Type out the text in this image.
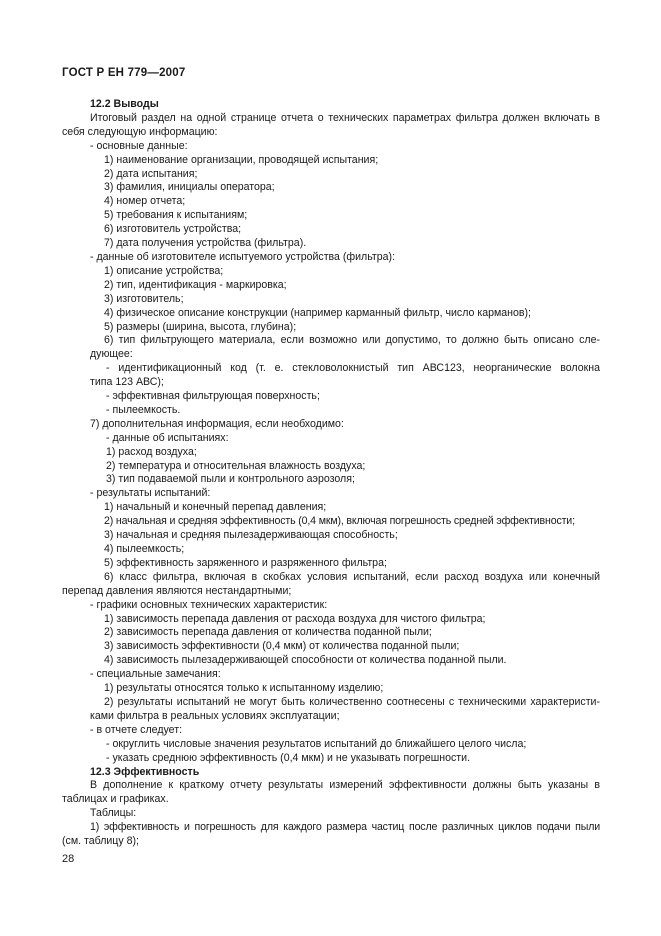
ГОСТ Р ЕН 779—2007
12.2 Выводы
Итоговый раздел на одной странице отчета о технических параметрах фильтра должен включать в
себя следующую информацию:
- основные данные:
1) наименование организации, проводящей испытания;
2) дата испытания;
3) фамилия, инициалы оператора;
4) номер отчета;
5) требования к испытаниям;
6) изготовитель устройства;
7) дата получения устройства (фильтра).
- данные об изготовителе испытуемого устройства (фильтра):
1) описание устройства;
2) тип, идентификация - маркировка;
3) изготовитель;
4) физическое описание конструкции (например карманный фильтр, число карманов);
5) размеры (ширина, высота, глубина);
6) тип фильтрующего материала, если возможно или допустимо, то должно быть описано сле-
дующее:
- идентификационный код (т. е. стекловолокнистый тип АВС123, неорганические волокна
типа 123 АВС);
- эффективная фильтрующая поверхность;
- пылеемкость.
7) дополнительная информация, если необходимо:
- данные об испытаниях:
1) расход воздуха;
2) температура и относительная влажность воздуха;
3) тип подаваемой пыли и контрольного аэрозоля;
- результаты испытаний:
1) начальный и конечный перепад давления;
2) начальная и средняя эффективность (0,4 мкм), включая погрешность средней эффективности;
3) начальная и средняя пылезадерживающая способность;
4) пылеемкость;
5) эффективность заряженного и разряженного фильтра;
6) класс фильтра, включая в скобках условия испытаний, если расход воздуха или конечный
перепад давления являются нестандартными;
- графики основных технических характеристик:
1) зависимость перепада давления от расхода воздуха для чистого фильтра;
2) зависимость перепада давления от количества поданной пыли;
3) зависимость эффективности (0,4 мкм) от количества поданной пыли;
4) зависимость пылезадерживающей способности от количества поданной пыли.
- специальные замечания:
1) результаты относятся только к испытанному изделию;
2) результаты испытаний не могут быть количественно соотнесены с техническими характеристи-
ками фильтра в реальных условиях эксплуатации;
- в отчете следует:
- округлить числовые значения результатов испытаний до ближайшего целого числа;
- указать среднюю эффективность (0,4 мкм) и не указывать погрешности.
12.3 Эффективность
В дополнение к краткому отчету результаты измерений эффективности должны быть указаны в
таблицах и графиках.
Таблицы:
1) эффективность и погрешность для каждого размера частиц после различных циклов подачи пыли
(см. таблицу 8);
28
